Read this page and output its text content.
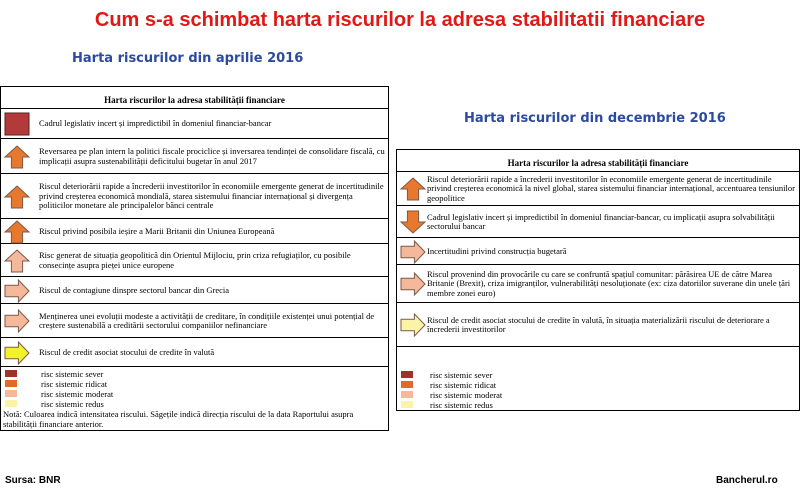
Cum s-a schimbat harta riscurilor la adresa stabilitatii financiare
Harta riscurilor din aprilie 2016
Harta riscurilor din decembrie 2016
Harta riscurilor la adresa stabilității financiare
Cadrul legislativ incert și impredictibil în domeniul financiar-bancar
Reversarea pe plan intern la politici fiscale prociclice și inversarea tendinței de consolidare fiscală, cu implicații asupra sustenabilității deficitului bugetar în anul 2017
Riscul deteriorării rapide a încrederii investitorilor în economiile emergente generat de incertitudinile privind creșterea economică mondială, starea sistemului financiar internațional și divergența politicilor monetare ale principalelor bănci centrale
Riscul privind posibila ieșire a Marii Britanii din Uniunea Europeană
Risc generat de situația geopolitică din Orientul Mijlociu, prin criza refugiaților, cu posibile consecințe asupra pieței unice europene
Riscul de contagiune dinspre sectorul bancar din Grecia
Menținerea unei evoluții modeste a activității de creditare, în condițiile existenței unui potențial de creștere sustenabilă a creditării sectorului companiilor nefinanciare
Riscul de credit asociat stocului de credite în valută
Notă: Culoarea indică intensitatea riscului. Săgețile indică direcția riscului de la data Raportului asupra stabilității financiare anterior.
risc sistemic sever
risc sistemic ridicat
risc sistemic moderat
risc sistemic redus
Harta riscurilor la adresa stabilității financiare
Riscul deteriorării rapide a încrederii investitorilor în economiile emergente generat de incertitudinile privind creșterea economică la nivel global, starea sistemului financiar internațional, accentuarea tensiunilor geopolitice
Cadrul legislativ incert și impredictibil în domeniul financiar-bancar, cu implicații asupra solvabilității sectorului bancar
Incertitudini privind construcția bugetară
Riscul provenind din provocările cu care se confruntă spațiul comunitar: părăsirea UE de către Marea Britanie (Brexit), criza imigranților, vulnerabilități nesoluționate (ex: ciza datoriilor suverane din unele țări membre zonei euro)
Riscul de credit asociat stocului de credite în valută, în situația materializării riscului de deteriorare a încrederii investitorilor
risc sistemic sever
risc sistemic ridicat
risc sistemic moderat
risc sistemic redus
Sursa: BNR	Bancherul.ro
